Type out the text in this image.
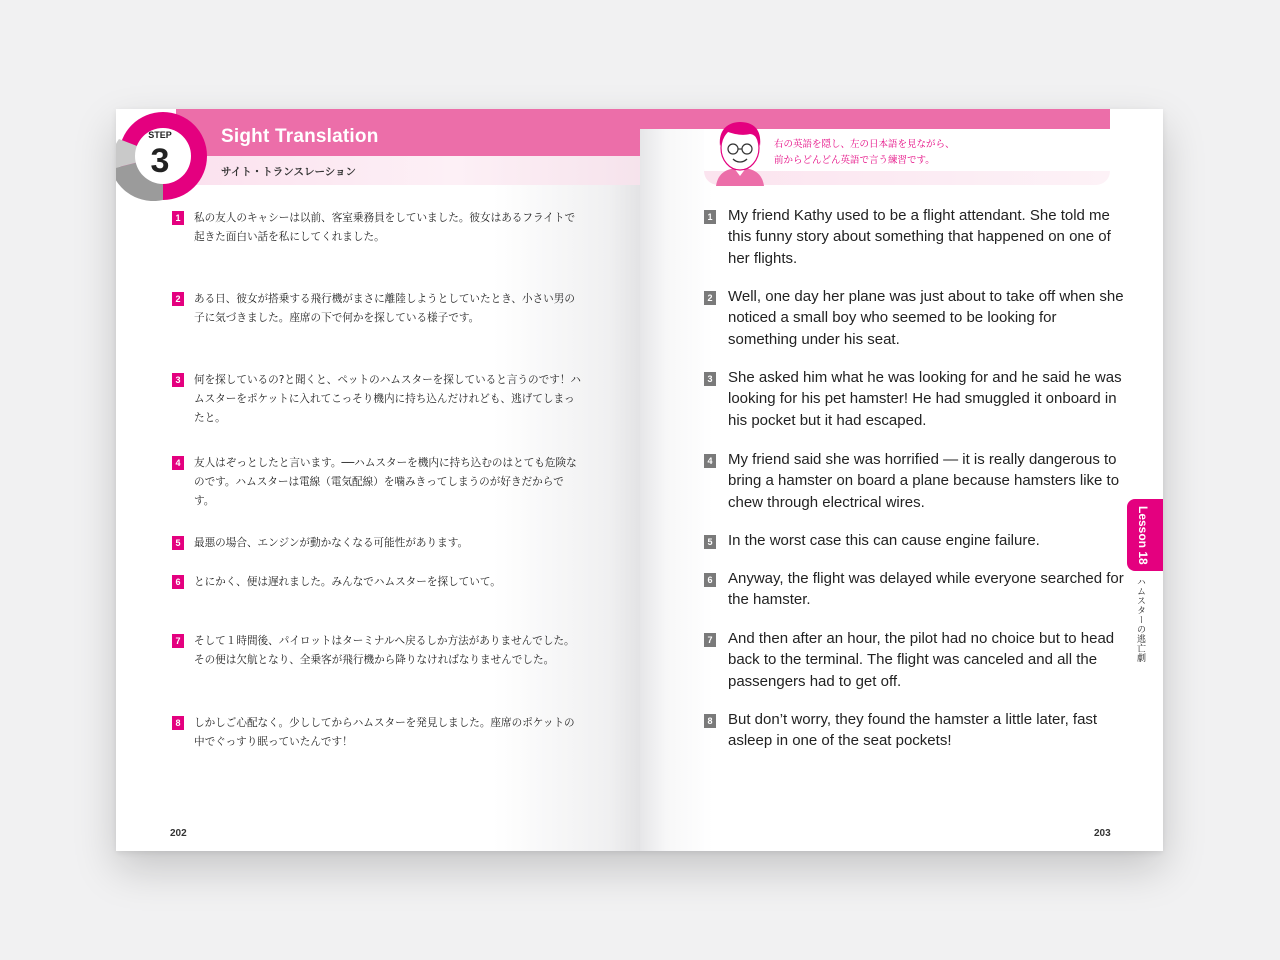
STEP
3
Sight Translation
サイト・トランスレーション
1	私の友人のキャシーは以前、客室乗務員をしていました。彼女はあるフライトで起きた面白い話を私にしてくれました。
2	ある日、彼女が搭乗する飛行機がまさに離陸しようとしていたとき、小さい男の子に気づきました。座席の下で何かを探している様子です。
3	何を探しているの?と聞くと、ペットのハムスターを探していると言うのです！ハムスターをポケットに入れてこっそり機内に持ち込んだけれども、逃げてしまったと。
4	友人はぞっとしたと言います。──ハムスターを機内に持ち込むのはとても危険なのです。ハムスターは電線（電気配線）を噛みきってしまうのが好きだからです。
5	最悪の場合、エンジンが動かなくなる可能性があります。
6	とにかく、便は遅れました。みんなでハムスターを探していて。
7	そして１時間後、パイロットはターミナルへ戻るしか方法がありませんでした。その便は欠航となり、全乗客が飛行機から降りなければなりませんでした。
8	しかしご心配なく。少ししてからハムスターを発見しました。座席のポケットの中でぐっすり眠っていたんです！
202
右の英語を隠し、左の日本語を見ながら、
前からどんどん英語で言う練習です。
1 My friend Kathy used to be a flight attendant. She told me this funny story about something that happened on one of her flights.
2 Well, one day her plane was just about to take off when she noticed a small boy who seemed to be looking for something under his seat.
3 She asked him what he was looking for and he said he was looking for his pet hamster! He had smuggled it onboard in his pocket but it had escaped.
4 My friend said she was horrified — it is really dangerous to bring a hamster on board a plane because hamsters like to chew through electrical wires.
5 In the worst case this can cause engine failure.
6 Anyway, the flight was delayed while everyone searched for the hamster.
7 And then after an hour, the pilot had no choice but to head back to the terminal. The flight was canceled and all the passengers had to get off.
8 But don’t worry, they found the hamster a little later, fast asleep in one of the seat pockets!
203
Lesson 18
ハムスターの逃亡劇
